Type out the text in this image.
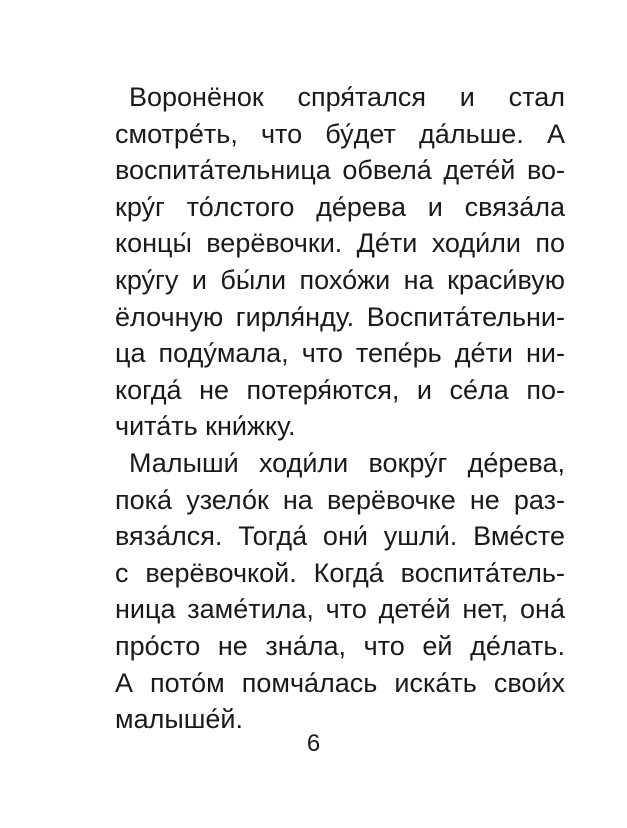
Воронёнок спря́тался и стал
смотре́ть, что бу́дет да́льше. А
воспита́тельница обвела́ дете́й во-
кру́г то́лстого де́рева и связа́ла
концы́ верёвочки. Де́ти ходи́ли по
кру́гу и бы́ли похо́жи на краси́вую
ёлочную гирля́нду. Воспита́тельни-
ца поду́мала, что тепе́рь де́ти ни-
когда́ не потеря́ются, и се́ла по-
чита́ть кни́жку.
Малыши́ ходи́ли вокру́г де́рева,
пока́ узело́к на верёвочке не раз-
вяза́лся. Тогда́ они́ ушли́. Вме́сте
с верёвочкой. Когда́ воспита́тель-
ница заме́тила, что дете́й нет, она́
про́сто не зна́ла, что ей де́лать.
А пото́м помча́лась иска́ть свои́х
малыше́й.
6
